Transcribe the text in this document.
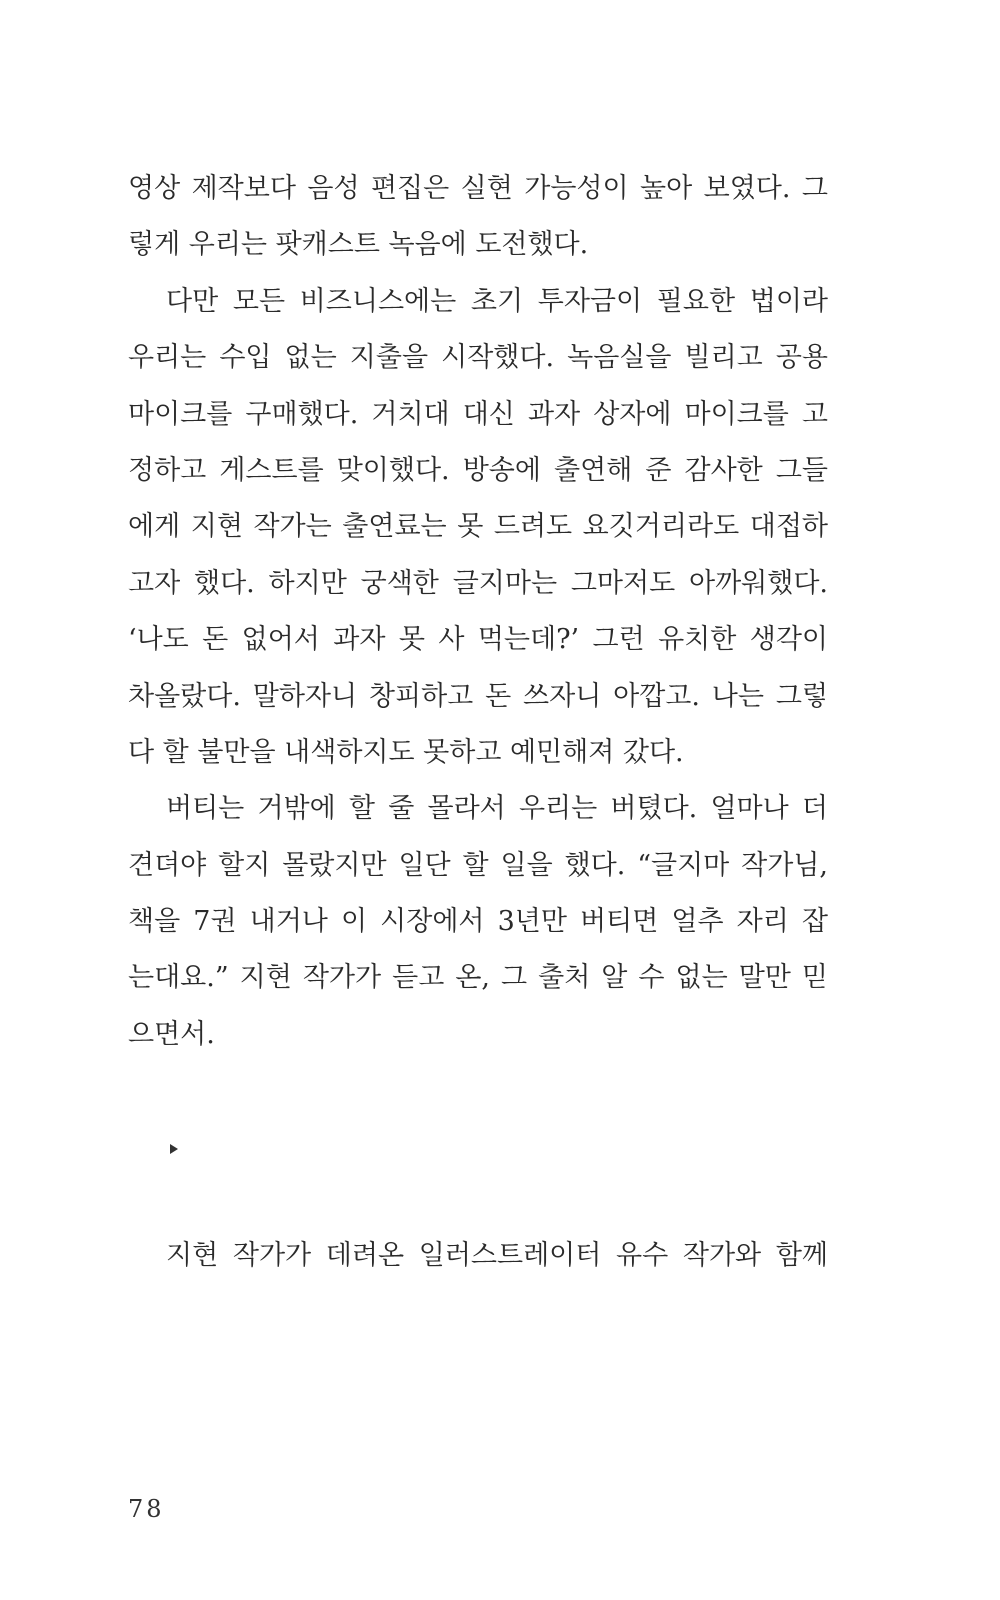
영상 제작보다 음성 편집은 실현 가능성이 높아 보였다. 그
렇게 우리는 팟캐스트 녹음에 도전했다.
다만 모든 비즈니스에는 초기 투자금이 필요한 법이라
우리는 수입 없는 지출을 시작했다. 녹음실을 빌리고 공용
마이크를 구매했다. 거치대 대신 과자 상자에 마이크를 고
정하고 게스트를 맞이했다. 방송에 출연해 준 감사한 그들
에게 지현 작가는 출연료는 못 드려도 요깃거리라도 대접하
고자 했다. 하지만 궁색한 글지마는 그마저도 아까워했다.
‘나도 돈 없어서 과자 못 사 먹는데?’ 그런 유치한 생각이
차올랐다. 말하자니 창피하고 돈 쓰자니 아깝고. 나는 그렇
다 할 불만을 내색하지도 못하고 예민해져 갔다.
버티는 거밖에 할 줄 몰라서 우리는 버텼다. 얼마나 더
견뎌야 할지 몰랐지만 일단 할 일을 했다. “글지마 작가님,
책을 7권 내거나 이 시장에서 3년만 버티면 얼추 자리 잡
는대요.” 지현 작가가 듣고 온, 그 출처 알 수 없는 말만 믿
으면서.
지현 작가가 데려온 일러스트레이터 유수 작가와 함께
78
